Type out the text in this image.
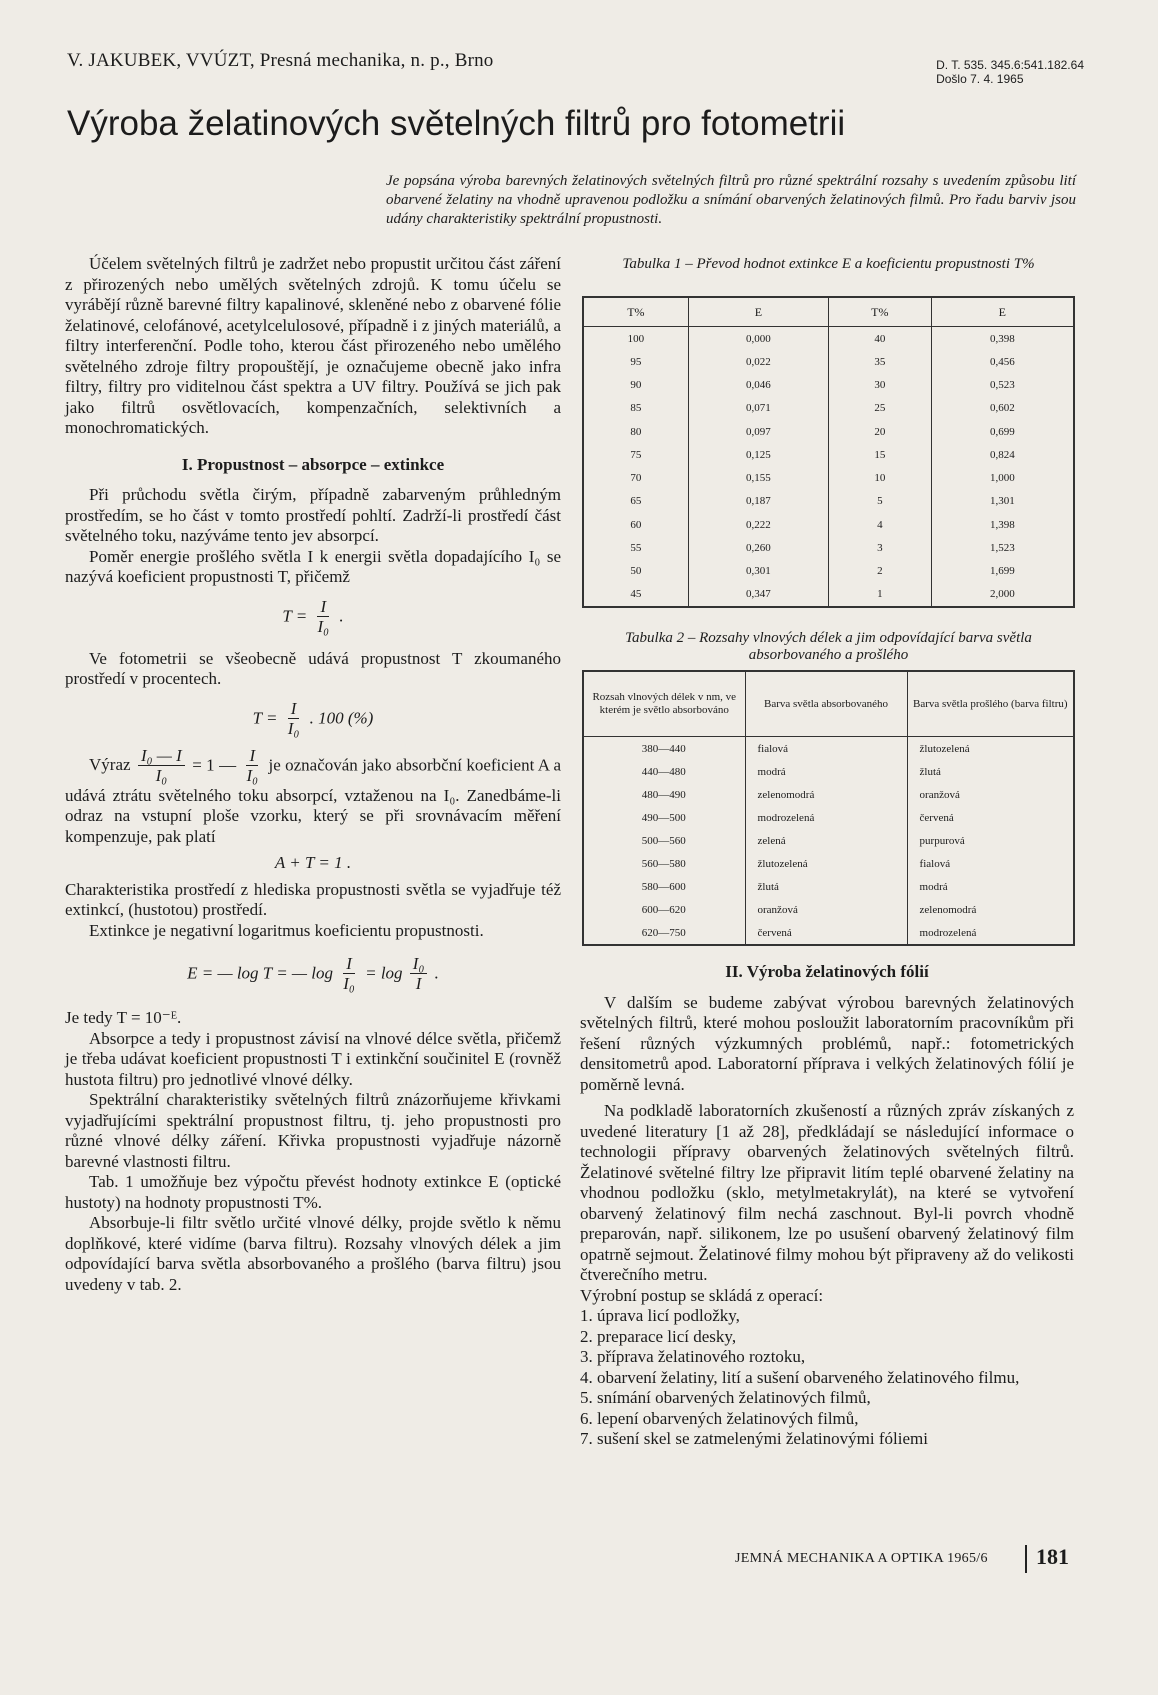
V. JAKUBEK, VVÚZT, Presná mechanika, n. p., Brno	D. T. 535. 345.6:541.182.64
Došlo 7. 4. 1965
Výroba želatinových světelných filtrů pro fotometrii
Je popsána výroba barevných želatinových světelných filtrů pro různé spektrální rozsahy s uvedením způsobu lití obarvené želatiny na vhodně upravenou podložku a snímání obarvených želatinových filmů. Pro řadu barviv jsou udány charakteristiky spektrální propustnosti.

Účelem světelných filtrů je zadržet nebo propustit určitou část záření z přirozených nebo umělých světelných zdrojů. K tomu účelu se vyrábějí různě barevné filtry kapalinové, skleněné nebo z obarvené fólie želatinové, celofánové, acetylcelulosové, případně i z jiných materiálů, a filtry interferenční. Podle toho, kterou část přirozeného nebo umělého světelného zdroje filtry propouštějí, je označujeme obecně jako infra filtry, filtry pro viditelnou část spektra a UV filtry. Používá se jich pak jako filtrů osvětlovacích, kompenzačních, selektivních a monochromatických.

I. Propustnost – absorpce – extinkce

Při průchodu světla čirým, případně zabarveným průhledným prostředím, se ho část v tomto prostředí pohltí. Zadrží-li prostředí část světelného toku, nazýváme tento jev absorpcí.

Poměr energie prošlého světla I k energii světla dopadajícího I₀ se nazývá koeficient propustnosti T, přičemž

$T = \frac{I}{\text{I₀}}$ .

Ve fotometrii se všeobecně udává propustnost T zkoumaného prostředí v procentech.

$T = \frac{I}{\text{I₀}}$ . 100 (%)

Výraz $\frac{\text{I₀ — I}}{\text{I₀}} = 1$ — $\frac{I}{\text{I₀}}$ je označován jako absorbční koeficient A a udává ztrátu světelného toku absorpcí, vztaženou na I₀. Zanedbáme-li odraz na vstupní ploše vzorku, který se při srovnávacím měření kompenzuje, pak platí

A + T = 1 .

Charakteristika prostředí z hlediska propustnosti světla se vyjadřuje též extinkcí, (hustotou) prostředí.

Extinkce je negativní logaritmus koeficientu propustnosti.

E = — log T = — $\log \frac{I}{\text{I₀}} = \log \frac{\text{I₀}}{I}$ .

Je tedy T = 10⁻ᴱ.

Absorpce a tedy i propustnost závisí na vlnové délce světla, přičemž je třeba udávat koeficient propustnosti T i extinkční součinitel E (rovněž hustota filtru) pro jednotlivé vlnové délky.

Spektrální charakteristiky světelných filtrů znázorňujeme křivkami vyjadřujícími spektrální propustnost filtru, tj. jeho propustnosti pro různé vlnové délky záření. Křivka propustnosti vyjadřuje názorně barevné vlastnosti filtru.

Tab. 1 umožňuje bez výpočtu převést hodnoty extinkce E (optické hustoty) na hodnoty propustnosti T%.

Absorbuje-li filtr světlo určité vlnové délky, projde světlo k němu doplňkové, které vidíme (barva filtru). Rozsahy vlnových délek a jim odpovídající barva světla absorbovaného a prošlého (barva filtru) jsou uvedeny v tab. 2.

Tabulka 1 – Převod hodnot extinkce E a koeficientu propustnosti T%
T%	E	T%	E
100	0,000	40	0,398
95	0,022	35	0,456
90	0,046	30	0,523
85	0,071	25	0,602
80	0,097	20	0,699
75	0,125	15	0,824
70	0,155	10	1,000
65	0,187	5	1,301
60	0,222	4	1,398
55	0,260	3	1,523
50	0,301	2	1,699
45	0,347	1	2,000
Tabulka 2 – Rozsahy vlnových délek a jim odpovídající barva světla absorbovaného a prošlého
Rozsah vlnových délek v nm, ve kterém je světlo absorbováno	Barva světla absorbovaného	Barva světla prošlého (barva filtru)
380—440	fialová	žlutozelená
440—480	modrá	žlutá
480—490	zelenomodrá	oranžová
490—500	modrozelená	červená
500—560	zelená	purpurová
560—580	žlutozelená	fialová
580—600	žlutá	modrá
600—620	oranžová	zelenomodrá
620—750	červená	modrozelená

II. Výroba želatinových fólií

V dalším se budeme zabývat výrobou barevných želatinových světelných filtrů, které mohou posloužit laboratorním pracovníkům při řešení různých výzkumných problémů, např.: fotometrických densitometrů apod. Laboratorní příprava i velkých želatinových fólií je poměrně levná.

Na podkladě laboratorních zkušeností a různých zpráv získaných z uvedené literatury [1 až 28], předkládají se následující informace o technologii přípravy obarvených želatinových světelných filtrů. Želatinové světelné filtry lze připravit litím teplé obarvené želatiny na vhodnou podložku (sklo, metylmetakrylát), na které se vytvoření obarvený želatinový film nechá zaschnout. Byl-li povrch vhodně preparován, např. silikonem, lze po usušení obarvený želatinový film opatrně sejmout. Želatinové filmy mohou být připraveny až do velikosti čtverečního metru.

Výrobní postup se skládá z operací:

1. úprava licí podložky,

2. preparace licí desky,

3. příprava želatinového roztoku,

4. obarvení želatiny, lití a sušení obarveného želatinového filmu,

5. snímání obarvených želatinových filmů,

6. lepení obarvených želatinových filmů,

7. sušení skel se zatmelenými želatinovými fóliemi

JEMNÁ MECHANIKA A OPTIKA 1965/6 181
